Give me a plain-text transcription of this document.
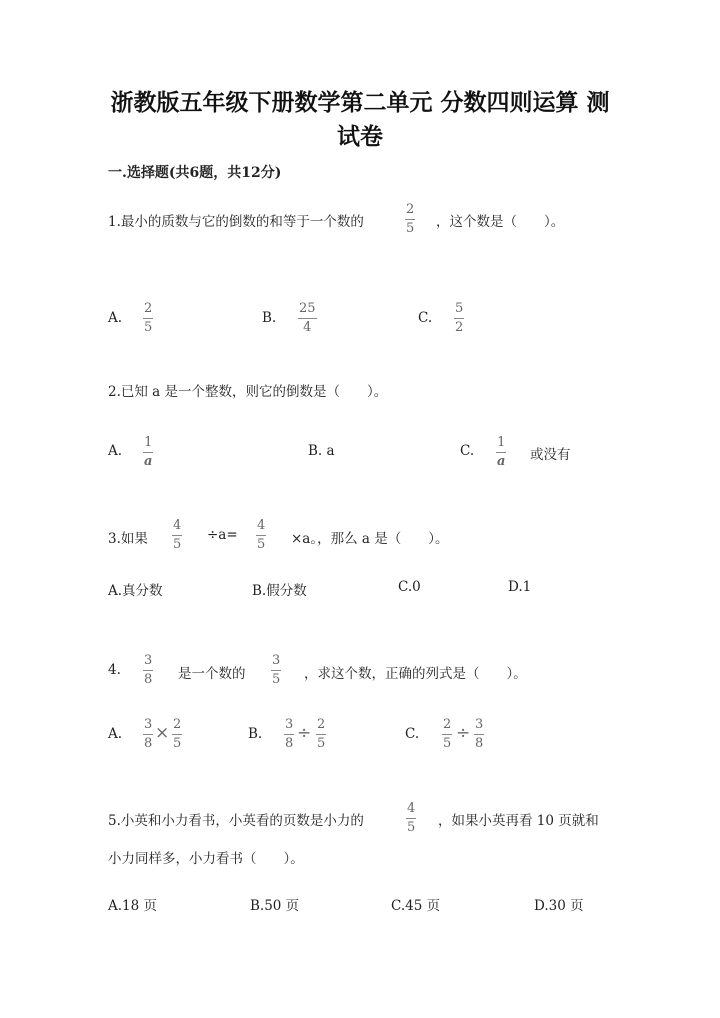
浙教版五年级下册数学第二单元 分数四则运算 测
试卷
一.选择题(共6题，共12分)
1.最小的质数与它的倒数的和等于一个数的
2
5 ，这个数是（　　）。
A.
2
5
B.
25
4
C.
5
2
2.已知 a 是一个整数，则它的倒数是（　　）。
A.
1
a
B. a	C.
1
a 或没有
3.如果
4
5
÷a=
4
5 ×a。，那么 a 是（　　）。
A.真分数	B.假分数	C.0	D.1
4.
3
8 是一个数的
3
5 ，求这个数，正确的列式是（　　）。
A.
3
8
× 2
5
B.
3
8
÷ 2
5
C.
2
5
÷ 3
8
5.小英和小力看书，小英看的页数是小力的
4
5 ，如果小英再看 10 页就和
小力同样多，小力看书（　　）。
A.18 页	B.50 页	C.45 页	D.30 页
